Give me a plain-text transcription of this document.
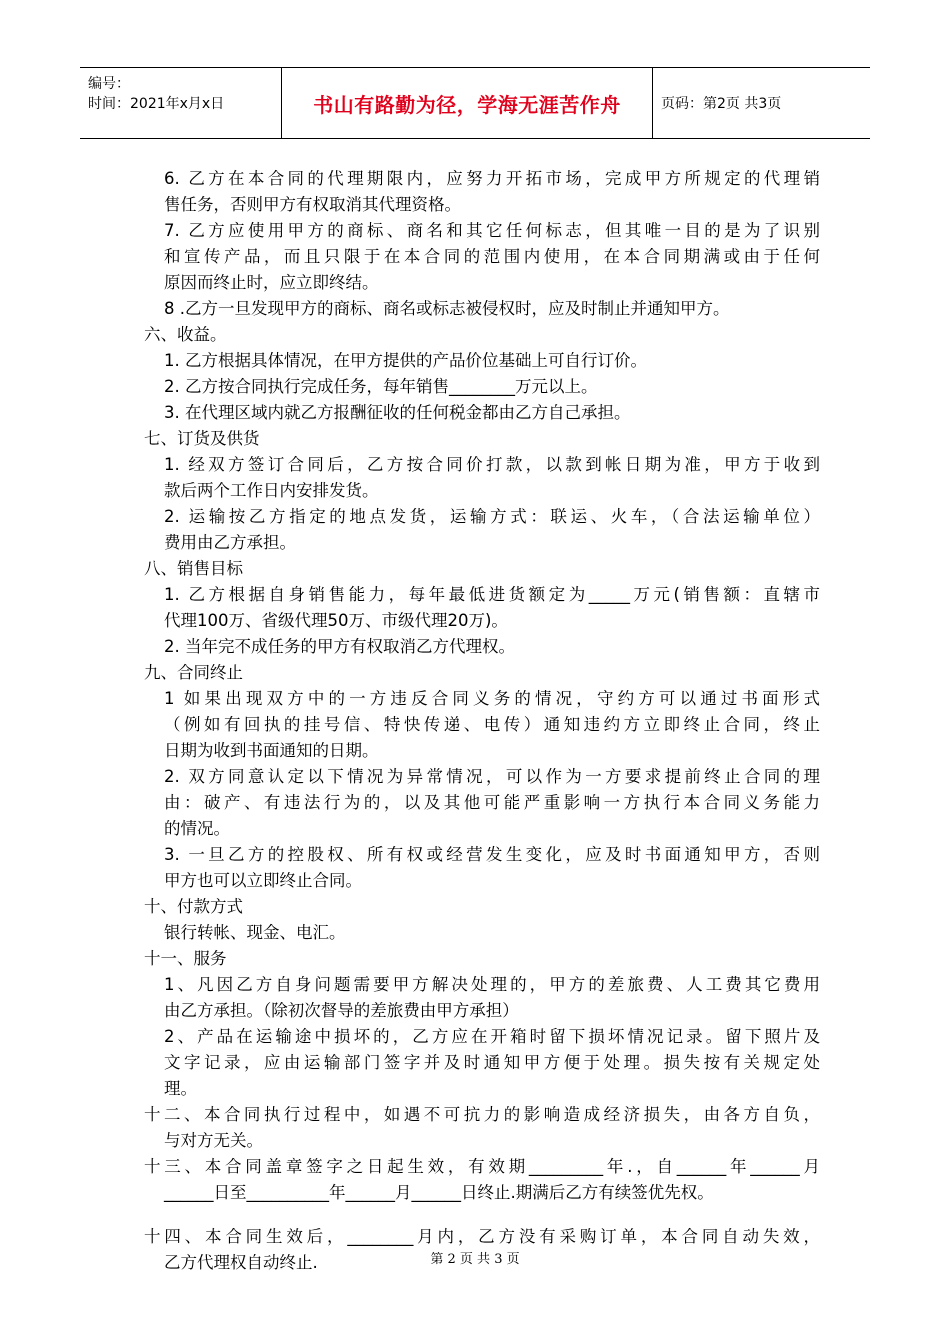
编号：
时间：2021年x月x日	书山有路勤为径，学海无涯苦作舟	页码：第2页 共3页
6. 乙方在本合同的代理期限内，应努力开拓市场，完成甲方所规定的代理销
售任务，否则甲方有权取消其代理资格。
7. 乙方应使用甲方的商标、商名和其它任何标志，但其唯一目的是为了识别
和宣传产品，而且只限于在本合同的范围内使用，在本合同期满或由于任何
原因而终止时，应立即终结。
8 .乙方一旦发现甲方的商标、商名或标志被侵权时，应及时制止并通知甲方。
六、收益。
1. 乙方根据具体情况，在甲方提供的产品价位基础上可自行订价。
2. 乙方按合同执行完成任务，每年销售________万元以上。
3. 在代理区域内就乙方报酬征收的任何税金都由乙方自己承担。
七、订货及供货
1. 经双方签订合同后，乙方按合同价打款，以款到帐日期为准，甲方于收到
款后两个工作日内安排发货。
2. 运输按乙方指定的地点发货，运输方式：联运、火车，（合法运输单位）
费用由乙方承担。
八、销售目标
1. 乙方根据自身销售能力，每年最低进货额定为_____万元(销售额：直辖市
代理100万、省级代理50万、市级代理20万)。
2. 当年完不成任务的甲方有权取消乙方代理权。
九、合同终止
1 如果出现双方中的一方违反合同义务的情况，守约方可以通过书面形式
（例如有回执的挂号信、特快传递、电传）通知违约方立即终止合同，终止
日期为收到书面通知的日期。
2. 双方同意认定以下情况为异常情况，可以作为一方要求提前终止合同的理
由：破产、有违法行为的，以及其他可能严重影响一方执行本合同义务能力
的情况。
3. 一旦乙方的控股权、所有权或经营发生变化，应及时书面通知甲方，否则
甲方也可以立即终止合同。
十、付款方式
银行转帐、现金、电汇。
十一、服务
1、凡因乙方自身问题需要甲方解决处理的，甲方的差旅费、人工费其它费用
由乙方承担。（除初次督导的差旅费由甲方承担）
2、产品在运输途中损坏的，乙方应在开箱时留下损坏情况记录。留下照片及
文字记录，应由运输部门签字并及时通知甲方便于处理。损失按有关规定处
理。
十二、本合同执行过程中，如遇不可抗力的影响造成经济损失，由各方自负，
与对方无关。
十三、本合同盖章签字之日起生效，有效期_________年.，自______年______月
______日至__________年______月______日终止.期满后乙方有续签优先权。
十四、本合同生效后，________月内，乙方没有采购订单，本合同自动失效，
乙方代理权自动终止.	第 2 页 共 3 页
